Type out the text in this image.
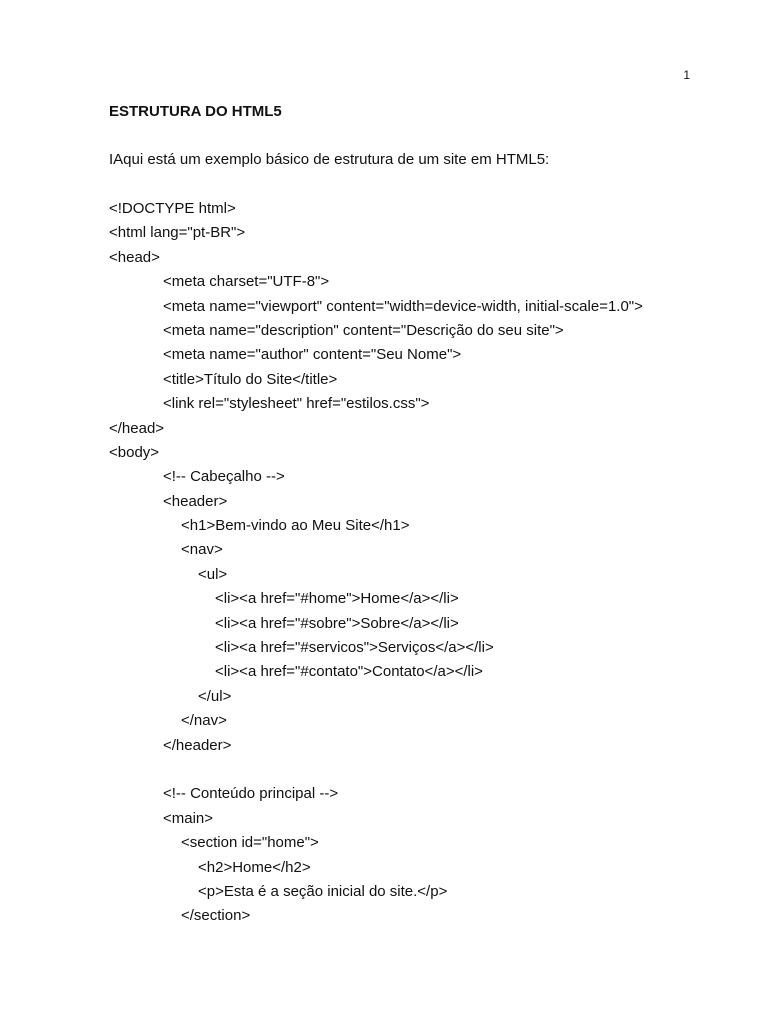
1
ESTRUTURA DO HTML5

IAqui está um exemplo básico de estrutura de um site em HTML5:

<!DOCTYPE html>
<html lang="pt-BR">
<head>
<meta charset="UTF-8">
<meta name="viewport" content="width=device-width, initial-scale=1.0">
<meta name="description" content="Descrição do seu site">
<meta name="author" content="Seu Nome">
<title>Título do Site</title>
<link rel="stylesheet" href="estilos.css">
</head>
<body>
<!-- Cabeçalho -->
<header>
<h1>Bem-vindo ao Meu Site</h1>
<nav>
<ul>
<li><a href="#home">Home</a></li>
<li><a href="#sobre">Sobre</a></li>
<li><a href="#servicos">Serviços</a></li>
<li><a href="#contato">Contato</a></li>
</ul>
</nav>
</header>
<!-- Conteúdo principal -->
<main>
<section id="home">
<h2>Home</h2>
<p>Esta é a seção inicial do site.</p>
</section>
